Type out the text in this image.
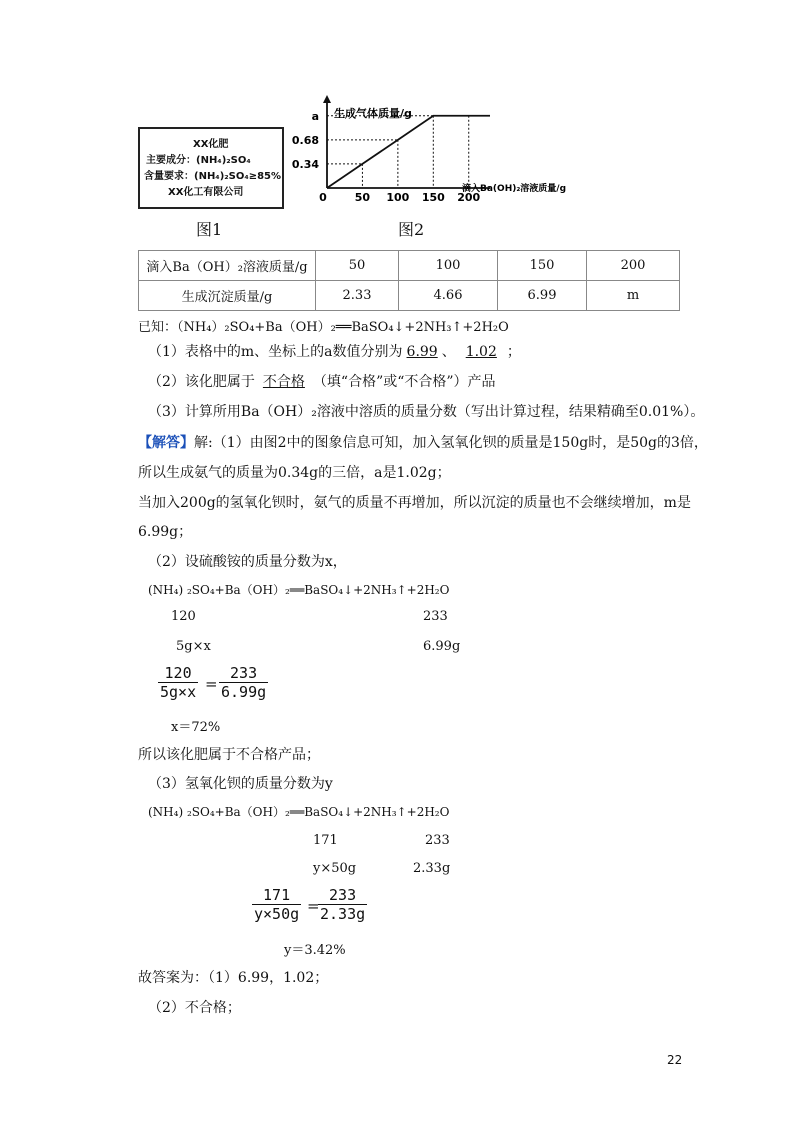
XX化肥
主要成分：(NH₄)₂SO₄
含量要求：(NH₄)₂SO₄≥85%
XX化工有限公司
图1
生成气体质量/g
滴入Ba(OH)₂溶液质量/g
0	50 100 150 200
0.34
0.68
a
图2
滴入Ba（OH）₂溶液质量/g	50	100	150	200
生成沉淀质量/g	2.33	4.66	6.99	m
已知：（NH₄）₂SO₄+Ba（OH）₂══BaSO₄↓+2NH₃↑+2H₂O
（1）表格中的m、坐标上的a数值分别为 6.99 、 1.02 ；
（2）该化肥属于 不合格 （填“合格”或“不合格”）产品
（3）计算所用Ba（OH）₂溶液中溶质的质量分数（写出计算过程，结果精确至0.01%）。
【解答】解:（1）由图2中的图象信息可知，加入氢氧化钡的质量是150g时，是50g的3倍，
所以生成氨气的质量为0.34g的三倍，a是1.02g；
当加入200g的氢氧化钡时，氨气的质量不再增加，所以沉淀的质量也不会继续增加，m是
6.99g；
（2）设硫酸铵的质量分数为x，
(NH₄) ₂SO₄+Ba（OH）₂══BaSO₄↓+2NH₃↑+2H₂O
120	233
5g×x	6.99g
$\frac{120}{5g\times x} = \frac{233}{6.99g}$
x＝72%
所以该化肥属于不合格产品；
（3）氢氧化钡的质量分数为y
(NH₄) ₂SO₄+Ba（OH）₂══BaSO₄↓+2NH₃↑+2H₂O
171	233
y×50g	2.33g
$\frac{171}{y\times 50g}$ =
$\frac{233}{2.33g}$
y＝3.42%
故答案为：（1）6.99，1.02；
（2）不合格；
22
